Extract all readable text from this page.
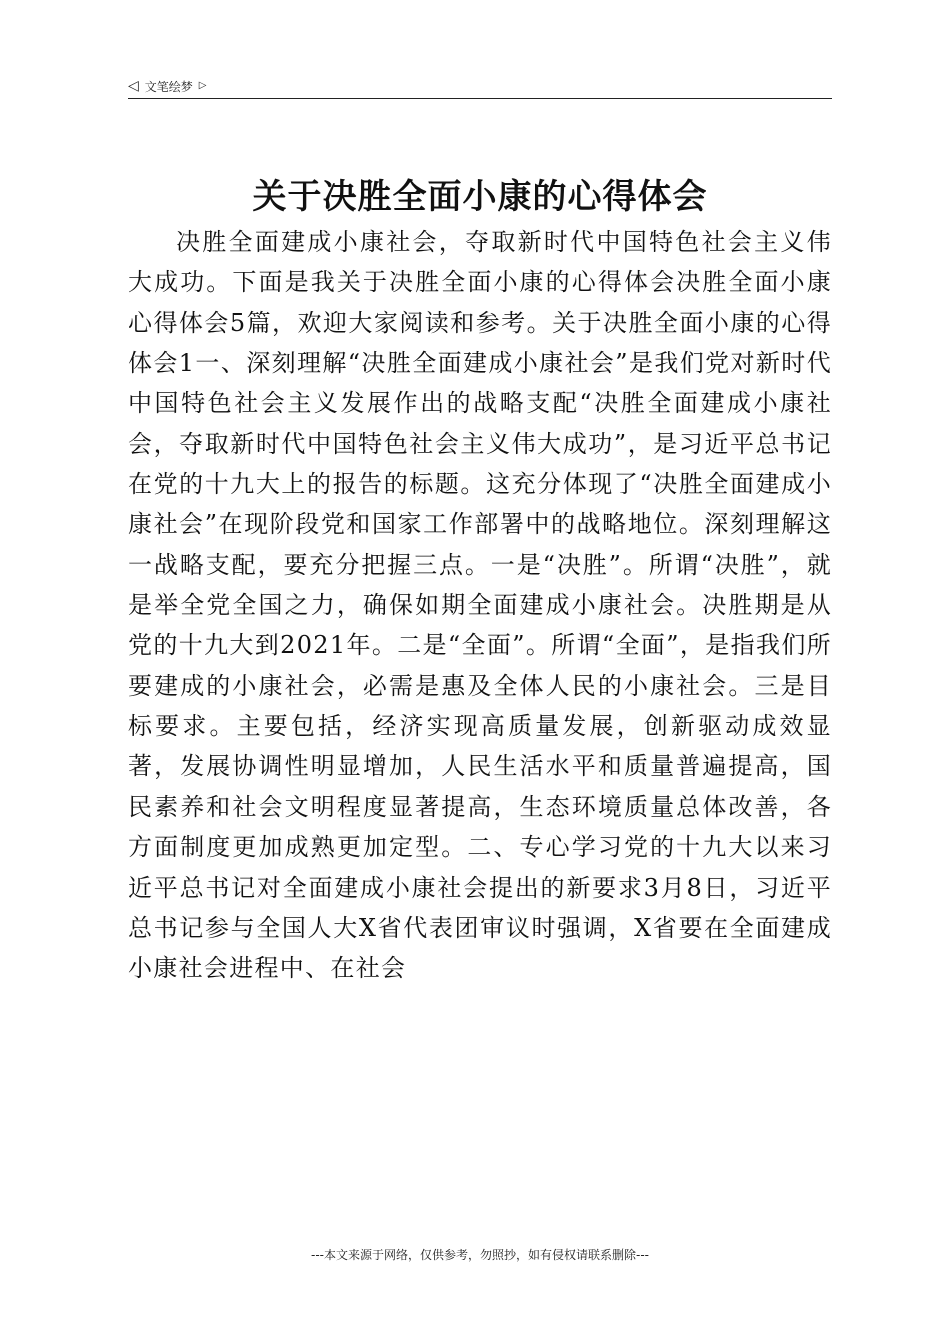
◁ 文笔绘梦 ▷
关于决胜全面小康的心得体会

决胜全面建成小康社会，夺取新时代中国特色社会主义伟大成功。下面是我关于决胜全面小康的心得体会决胜全面小康心得体会5篇，欢迎大家阅读和参考。关于决胜全面小康的心得体会1一、深刻理解“决胜全面建成小康社会”是我们党对新时代中国特色社会主义发展作出的战略支配“决胜全面建成小康社会，夺取新时代中国特色社会主义伟大成功”，是习近平总书记在党的十九大上的报告的标题。这充分体现了“决胜全面建成小康社会”在现阶段党和国家工作部署中的战略地位。深刻理解这一战略支配，要充分把握三点。一是“决胜”。所谓“决胜”，就是举全党全国之力，确保如期全面建成小康社会。决胜期是从党的十九大到2021年。二是“全面”。所谓“全面”，是指我们所要建成的小康社会，必需是惠及全体人民的小康社会。三是目标要求。主要包括，经济实现高质量发展，创新驱动成效显著，发展协调性明显增加，人民生活水平和质量普遍提高，国民素养和社会文明程度显著提高，生态环境质量总体改善，各方面制度更加成熟更加定型。二、专心学习党的十九大以来习近平总书记对全面建成小康社会提出的新要求3月8日，习近平总书记参与全国人大X省代表团审议时强调，X省要在全面建成小康社会进程中、在社会

---本文来源于网络，仅供参考，勿照抄，如有侵权请联系删除---
